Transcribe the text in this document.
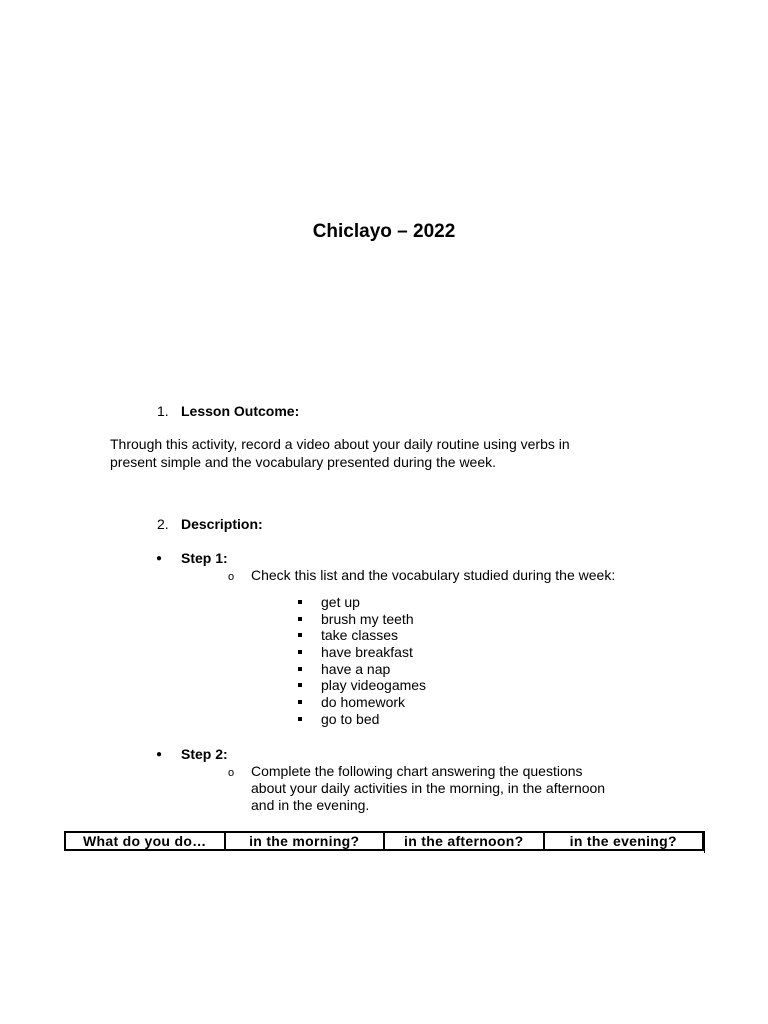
Chiclayo – 2022
1. Lesson Outcome:
Through this activity, record a video about your daily routine using verbs in
present simple and the vocabulary presented during the week.
2. Description:
● Step 1:
o Check this list and the vocabulary studied during the week:
get up
brush my teeth
take classes
have breakfast
have a nap
play videogames
do homework
go to bed
● Step 2:
o Complete the following chart answering the questions
about your daily activities in the morning, in the afternoon
and in the evening.
What do you do…	in the morning?	in the afternoon?	in the evening?
